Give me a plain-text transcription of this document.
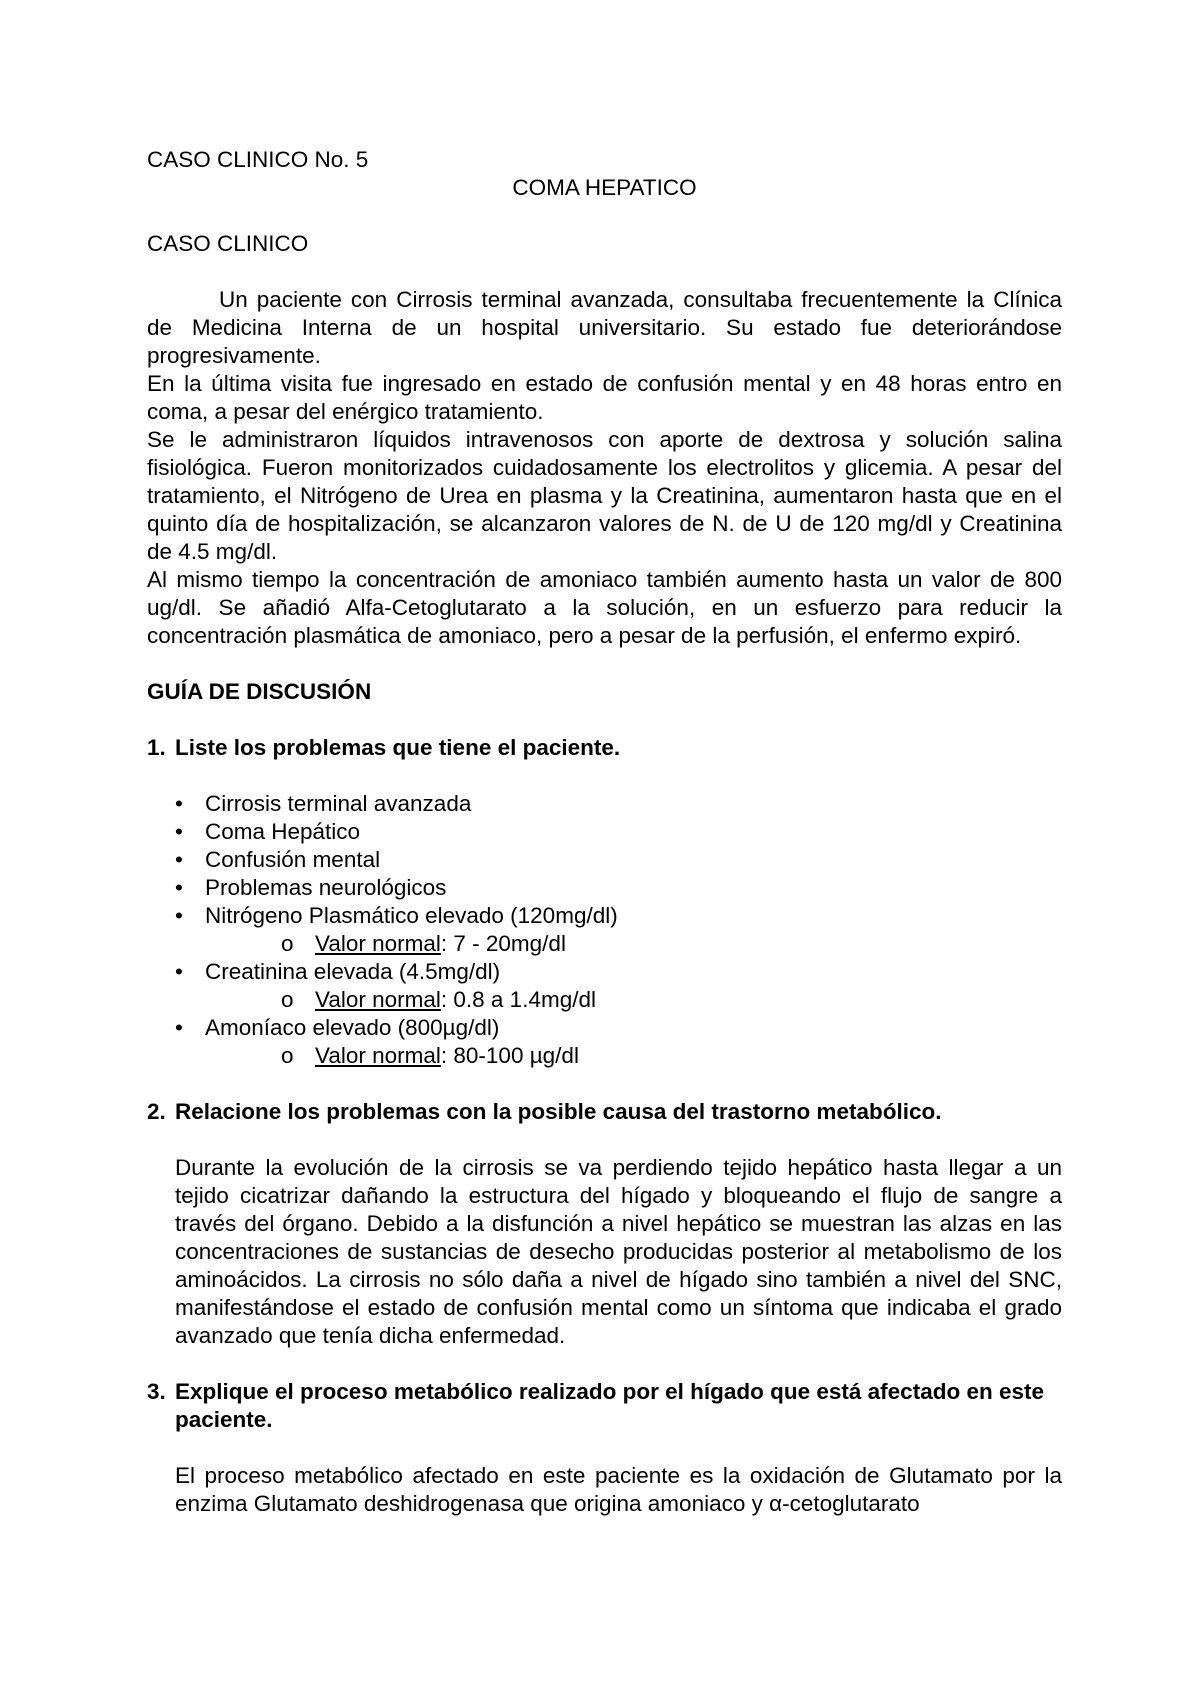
CASO CLINICO No. 5

COMA HEPATICO

CASO CLINICO

Un paciente con Cirrosis terminal avanzada, consultaba frecuentemente la Clínica de Medicina Interna de un hospital universitario. Su estado fue deteriorándose progresivamente.

En la última visita fue ingresado en estado de confusión mental y en 48 horas entro en coma, a pesar del enérgico tratamiento.

Se le administraron líquidos intravenosos con aporte de dextrosa y solución salina fisiológica. Fueron monitorizados cuidadosamente los electrolitos y glicemia. A pesar del tratamiento, el Nitrógeno de Urea en plasma y la Creatinina, aumentaron hasta que en el quinto día de hospitalización, se alcanzaron valores de N. de U de 120 mg/dl y Creatinina de 4.5 mg/dl.

Al mismo tiempo la concentración de amoniaco también aumento hasta un valor de 800 ug/dl. Se añadió Alfa-Cetoglutarato a la solución, en un esfuerzo para reducir la concentración plasmática de amoniaco, pero a pesar de la perfusión, el enfermo expiró.

GUÍA DE DISCUSIÓN

1. Liste los problemas que tiene el paciente.
• Cirrosis terminal avanzada
• Coma Hepático
• Confusión mental
• Problemas neurológicos
• Nitrógeno Plasmático elevado (120mg/dl)
o Valor normal: 7 - 20mg/dl
• Creatinina elevada (4.5mg/dl)
o Valor normal: 0.8 a 1.4mg/dl
• Amoníaco elevado (800µg/dl)
o Valor normal: 80-100 µg/dl
2. Relacione los problemas con la posible causa del trastorno metabólico.

Durante la evolución de la cirrosis se va perdiendo tejido hepático hasta llegar a un tejido cicatrizar dañando la estructura del hígado y bloqueando el flujo de sangre a través del órgano. Debido a la disfunción a nivel hepático se muestran las alzas en las concentraciones de sustancias de desecho producidas posterior al metabolismo de los aminoácidos. La cirrosis no sólo daña a nivel de hígado sino también a nivel del SNC, manifestándose el estado de confusión mental como un síntoma que indicaba el grado avanzado que tenía dicha enfermedad.

3. Explique el proceso metabólico realizado por el hígado que está afectado en este paciente.

El proceso metabólico afectado en este paciente es la oxidación de Glutamato por la enzima Glutamato deshidrogenasa que origina amoniaco y α-cetoglutarato
